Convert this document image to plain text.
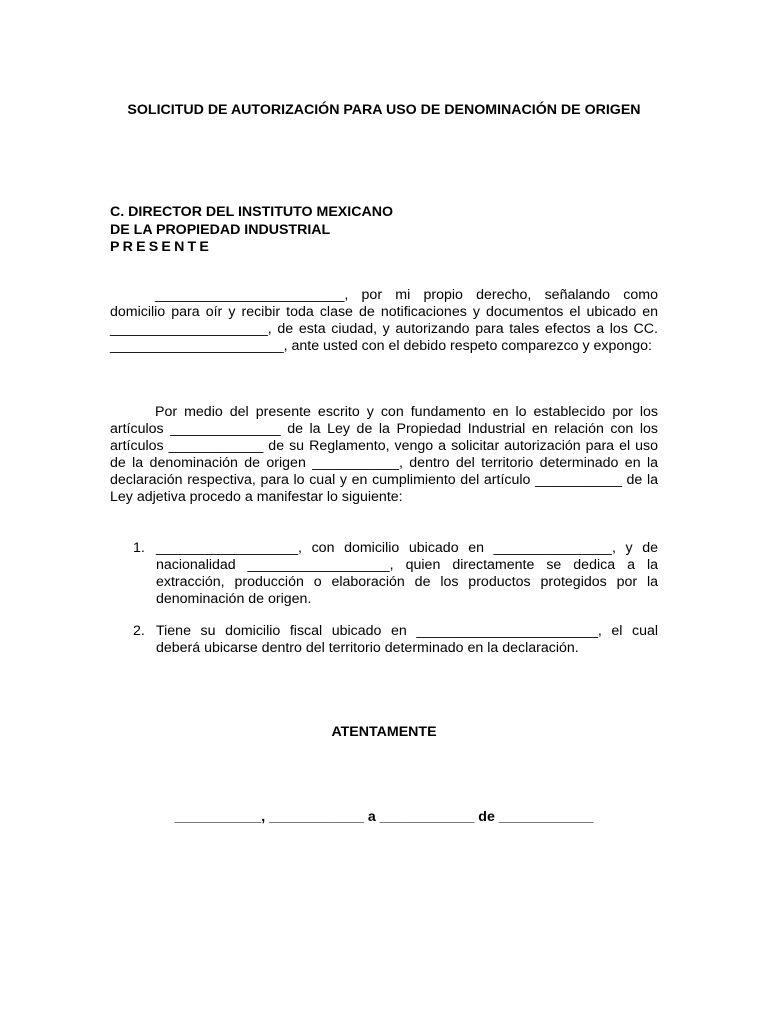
SOLICITUD DE AUTORIZACIÓN PARA USO DE DENOMINACIÓN DE ORIGEN
C. DIRECTOR DEL INSTITUTO MEXICANO
DE LA PROPIEDAD INDUSTRIAL
PRESENTE

________________________, por mi propio derecho, señalando como domicilio para oír y recibir toda clase de notificaciones y documentos el ubicado en ____________________, de esta ciudad, y autorizando para tales efectos a los CC. ______________________, ante usted con el debido respeto comparezco y expongo:

Por medio del presente escrito y con fundamento en lo establecido por los artículos ______________ de la Ley de la Propiedad Industrial en relación con los artículos ____________ de su Reglamento, vengo a solicitar autorización para el uso de la denominación de origen ___________, dentro del territorio determinado en la declaración respectiva, para lo cual y en cumplimiento del artículo ___________ de la Ley adjetiva procedo a manifestar lo siguiente:

1. __________________, con domicilio ubicado en _______________, y de nacionalidad __________________, quien directamente se dedica a la extracción, producción o elaboración de los productos protegidos por la denominación de origen.
2. Tiene su domicilio fiscal ubicado en _______________________, el cual deberá ubicarse dentro del territorio determinado en la declaración.
ATENTAMENTE
___________, ____________ a ____________ de ____________
